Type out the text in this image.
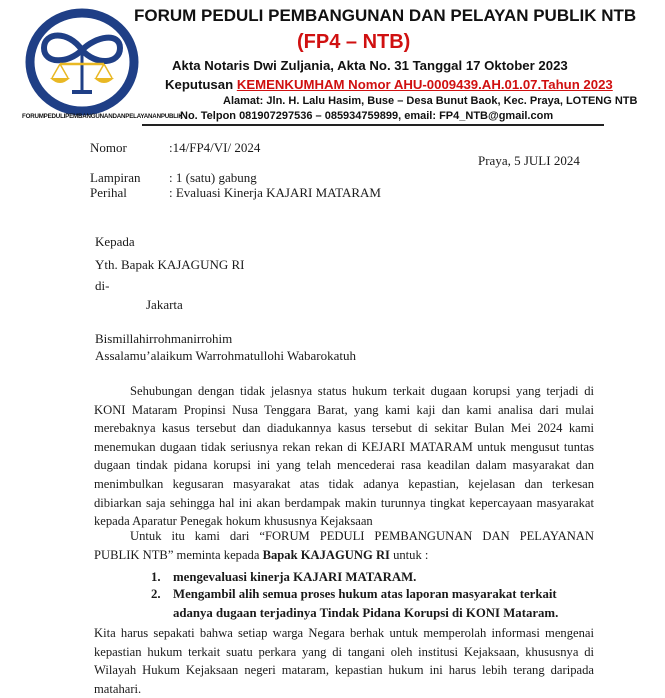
FORUMPEDULIPEMBANGUNANDANPELAYANANPUBLIK
FORUM PEDULI PEMBANGUNAN DAN PELAYAN PUBLIK NTB
(FP4 – NTB)
Akta Notaris Dwi Zuljania, Akta No. 31 Tanggal 17 Oktober 2023
Keputusan KEMENKUMHAM Nomor AHU-0009439.AH.01.07.Tahun 2023
Alamat: Jln. H. Lalu Hasim, Buse – Desa Bunut Baok, Kec. Praya, LOTENG NTB
No. Telpon 081907297536 – 085934759899, email: FP4_NTB@gmail.com
Nomor	:14/FP4/VI/ 2024
Praya, 5 JULI 2024
Lampiran : 1 (satu) gabung
Perihal	: Evaluasi Kinerja KAJARI MATARAM
Kepada
Yth. Bapak KAJAGUNG RI
di-
Jakarta
Bismillahirrohmanirrohim
Assalamu’alaikum Warrohmatullohi Wabarokatuh
Sehubungan dengan tidak jelasnya status hukum terkait dugaan korupsi yang terjadi di
KONI Mataram Propinsi Nusa Tenggara Barat, yang kami kaji dan kami analisa dari mulai
merebaknya kasus tersebut dan diadukannya kasus tersebut di sekitar Bulan Mei 2024 kami
menemukan dugaan tidak seriusnya rekan rekan di KEJARI MATARAM untuk mengusut tuntas
dugaan tindak pidana korupsi ini yang telah mencederai rasa keadilan dalam masyarakat dan
menimbulkan kegusaran masyarakat atas tidak adanya kepastian, kejelasan dan terkesan
dibiarkan saja sehingga hal ini akan berdampak makin turunnya tingkat kepercayaan masyarakat
kepada Aparatur Penegak hokum khususnya Kejaksaan
Untuk itu kami dari “FORUM PEDULI PEMBANGUNAN DAN PELAYANAN
PUBLIK NTB” meminta kepada Bapak KAJAGUNG RI untuk :
1. mengevaluasi kinerja KAJARI MATARAM.
2. Mengambil alih semua proses hukum atas laporan masyarakat terkait
adanya dugaan terjadinya Tindak Pidana Korupsi di KONI Mataram.
Kita harus sepakati bahwa setiap warga Negara berhak untuk memperolah informasi mengenai
kepastian hukum terkait suatu perkara yang di tangani oleh institusi Kejaksaan, khususnya di
Wilayah Hukum Kejaksaan negeri mataram, kepastian hukum ini harus lebih terang daripada
matahari.
